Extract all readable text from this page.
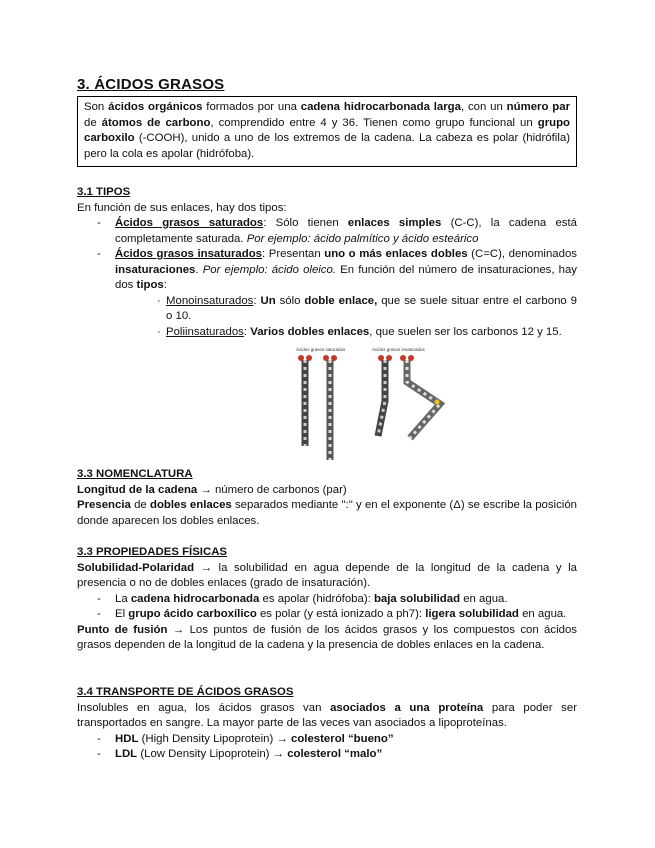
3. ÁCIDOS GRASOS
Son ácidos orgánicos formados por una cadena hidrocarbonada larga, con un número par de átomos de carbono, comprendido entre 4 y 36. Tienen como grupo funcional un grupo carboxilo (-COOH), unido a uno de los extremos de la cadena. La cabeza es polar (hidrófila) pero la cola es apolar (hidrófoba).
3.1 TIPOS

En función de sus enlaces, hay dos tipos:

- Ácidos grasos saturados: Sólo tienen enlaces simples (C-C), la cadena está completamente saturada. Por ejemplo: ácido palmítico y ácido esteárico
- Ácidos grasos insaturados: Presentan uno o más enlaces dobles (C=C), denominados insaturaciones. Por ejemplo: ácido oleico. En función del número de insaturaciones, hay dos tipos:
· Monoinsaturados: Un sólo doble enlace, que se suele situar entre el carbono 9 o 10.
· Poliinsaturados: Varios dobles enlaces, que suelen ser los carbonos 12 y 15.
Ácidos grasos saturados	Ácidos grasos insaturados
3.3 NOMENCLATURA

Longitud de la cadena → número de carbonos (par)

Presencia de dobles enlaces separados mediante ":" y en el exponente (Δ) se escribe la posición donde aparecen los dobles enlaces.

3.3 PROPIEDADES FÍSICAS

Solubilidad-Polaridad → la solubilidad en agua depende de la longitud de la cadena y la presencia o no de dobles enlaces (grado de insaturación).

- La cadena hidrocarbonada es apolar (hidrófoba): baja solubilidad en agua.
- El grupo ácido carboxílico es polar (y está ionizado a ph7): ligera solubilidad en agua.

Punto de fusión → Los puntos de fusión de los ácidos grasos y los compuestos con ácidos grasos dependen de la longitud de la cadena y la presencia de dobles enlaces en la cadena.

3.4 TRANSPORTE DE ÁCIDOS GRASOS

Insolubles en agua, los ácidos grasos van asociados a una proteína para poder ser transportados en sangre. La mayor parte de las veces van asociados a lipoproteínas.

- HDL (High Density Lipoprotein) → colesterol “bueno”
- LDL (Low Density Lipoprotein) → colesterol “malo”
